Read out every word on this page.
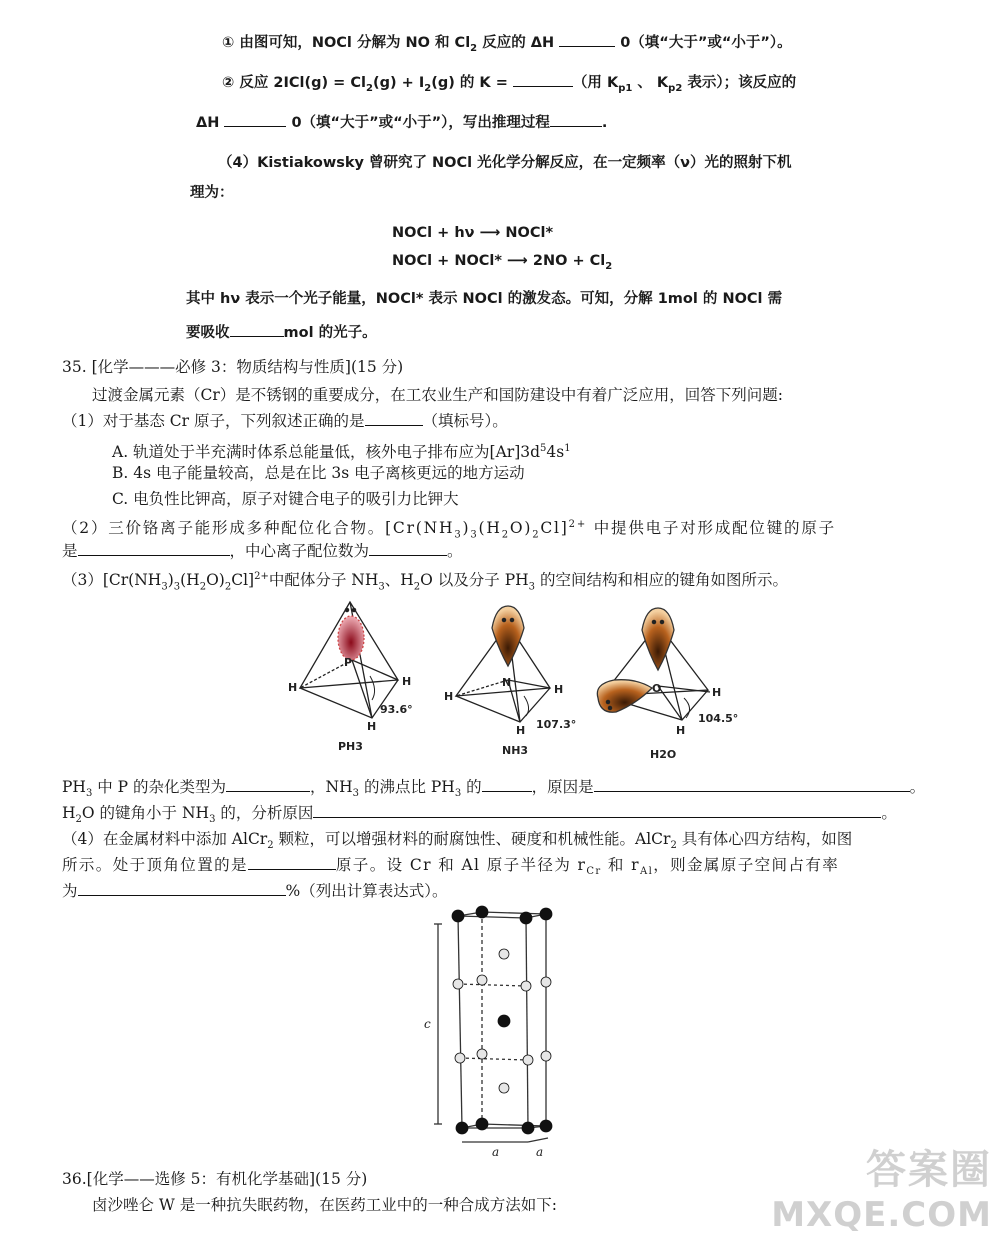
① 由图可知，NOCl 分解为 NO 和 $Cl_2$ 反应的 ΔH	0（填“大于”或“小于”）。
② 反应 $2ICl(g) = Cl_2(g) + I_2(g)$ 的 K =	（用 $K_{p1}$ 、 $K_{p2}$ 表示）；该反应的
ΔH	0（填“大于”或“小于”），写出推理过程	.
（4）Kistiakowsky 曾研究了 NOCl 光化学分解反应，在一定频率（ν）光的照射下机
理为：
NOCl + hν ⟶ NOCl*
NOCl + NOCl* ⟶ $2NO + Cl_2$
其中 hν 表示一个光子能量，NOCl* 表示 NOCl 的激发态。可知，分解 1mol 的 NOCl 需
要吸收	mol 的光子。
35. [化学———必修 3：物质结构与性质](15 分)
过渡金属元素（Cr）是不锈钢的重要成分，在工农业生产和国防建设中有着广泛应用，回答下列问题:
（1）对于基态 Cr 原子，下列叙述正确的是	（填标号）。
A. 轨道处于半充满时体系总能量低，核外电子排布应为$[Ar]3d^54s^1$
B. 4s 电子能量较高，总是在比 3s 电子离核更远的地方运动
C. 电负性比钾高，原子对键合电子的吸引力比钾大
（2）三价铬离子能形成多种配位化合物。$[Cr(NH_3)_3(H_2O)_2Cl]^{2+}$ 中提供电子对形成配位键的原子
是	，中心离子配位数为	。
$(3)[Cr(NH_3)_3(H_2O)_2Cl]^{2+}$中配体分子 $NH_3$、$H_2O$ 以及分子 $PH_3$ 的空间结构和相应的键角如图所示。
P
H	H
H
93.6°
PH3
N
H
H
H 107.3°
NH3
O	H
H
104.5°
H2O
$PH_3$ 中 P 的杂化类型为	，$NH_3$ 的沸点比 $PH_3$ 的	，原因是	。
$H_2O$ 的键角小于 $NH_3$ 的，分析原因	。
（4）在金属材料中添加 AlCr$_2$ 颗粒，可以增强材料的耐腐蚀性、硬度和机械性能。AlCr$_2$ 具有体心四方结构，如图
所示。处于顶角位置的是	原子。设 Cr 和 Al 原子半径为 $r_{Cr}$ 和 $r_{Al}$，则金属原子空间占有率
为	%（列出计算表达式）。
c
a	a
36.[化学——选修 5：有机化学基础](15 分)
卤沙唑仑 W 是一种抗失眠药物，在医药工业中的一种合成方法如下:
答案圈
MXQE.COM
